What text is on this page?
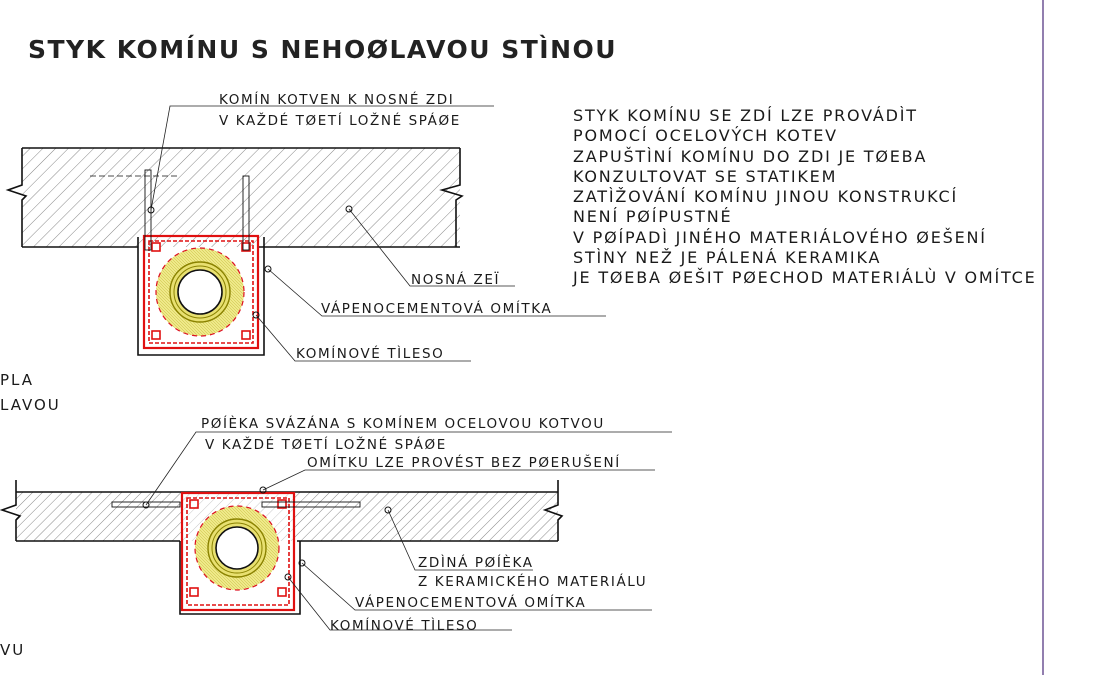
STYK KOMÍNU S NEHOØLAVOU STÌNOU
STYK KOMÍNU SE ZDÍ LZE PROVÁDÌT
POMOCÍ OCELOVÝCH KOTEV
ZAPUŠTÌNÍ KOMÍNU DO ZDI JE TØEBA
KONZULTOVAT SE STATIKEM
ZATÌŽOVÁNÍ KOMÍNU JINOU KONSTRUKCÍ
NENÍ PØÍPUSTNÉ
V PØÍPADÌ JINÉHO MATERIÁLOVÉHO ØEŠENÍ
STÌNY NEŽ JE PÁLENÁ KERAMIKA
JE TØEBA ØEŠIT PØECHOD MATERIÁLÙ V OMÍTCE
PLA
LAVOU
VU
KOMÍN KOTVEN K NOSNÉ ZDI
V KAŽDÉ TØETÍ LOŽNÉ SPÁØE
NOSNÁ ZEÏ
VÁPENOCEMENTOVÁ OMÍTKA
KOMÍNOVÉ TÌLESO
PØÍÈKA SVÁZÁNA S KOMÍNEM OCELOVOU KOTVOU
V KAŽDÉ TØETÍ LOŽNÉ SPÁØE
OMÍTKU LZE PROVÉST BEZ PØERUŠENÍ
ZDÌNÁ PØÍÈKA
Z KERAMICKÉHO MATERIÁLU
VÁPENOCEMENTOVÁ OMÍTKA
KOMÍNOVÉ TÌLESO
